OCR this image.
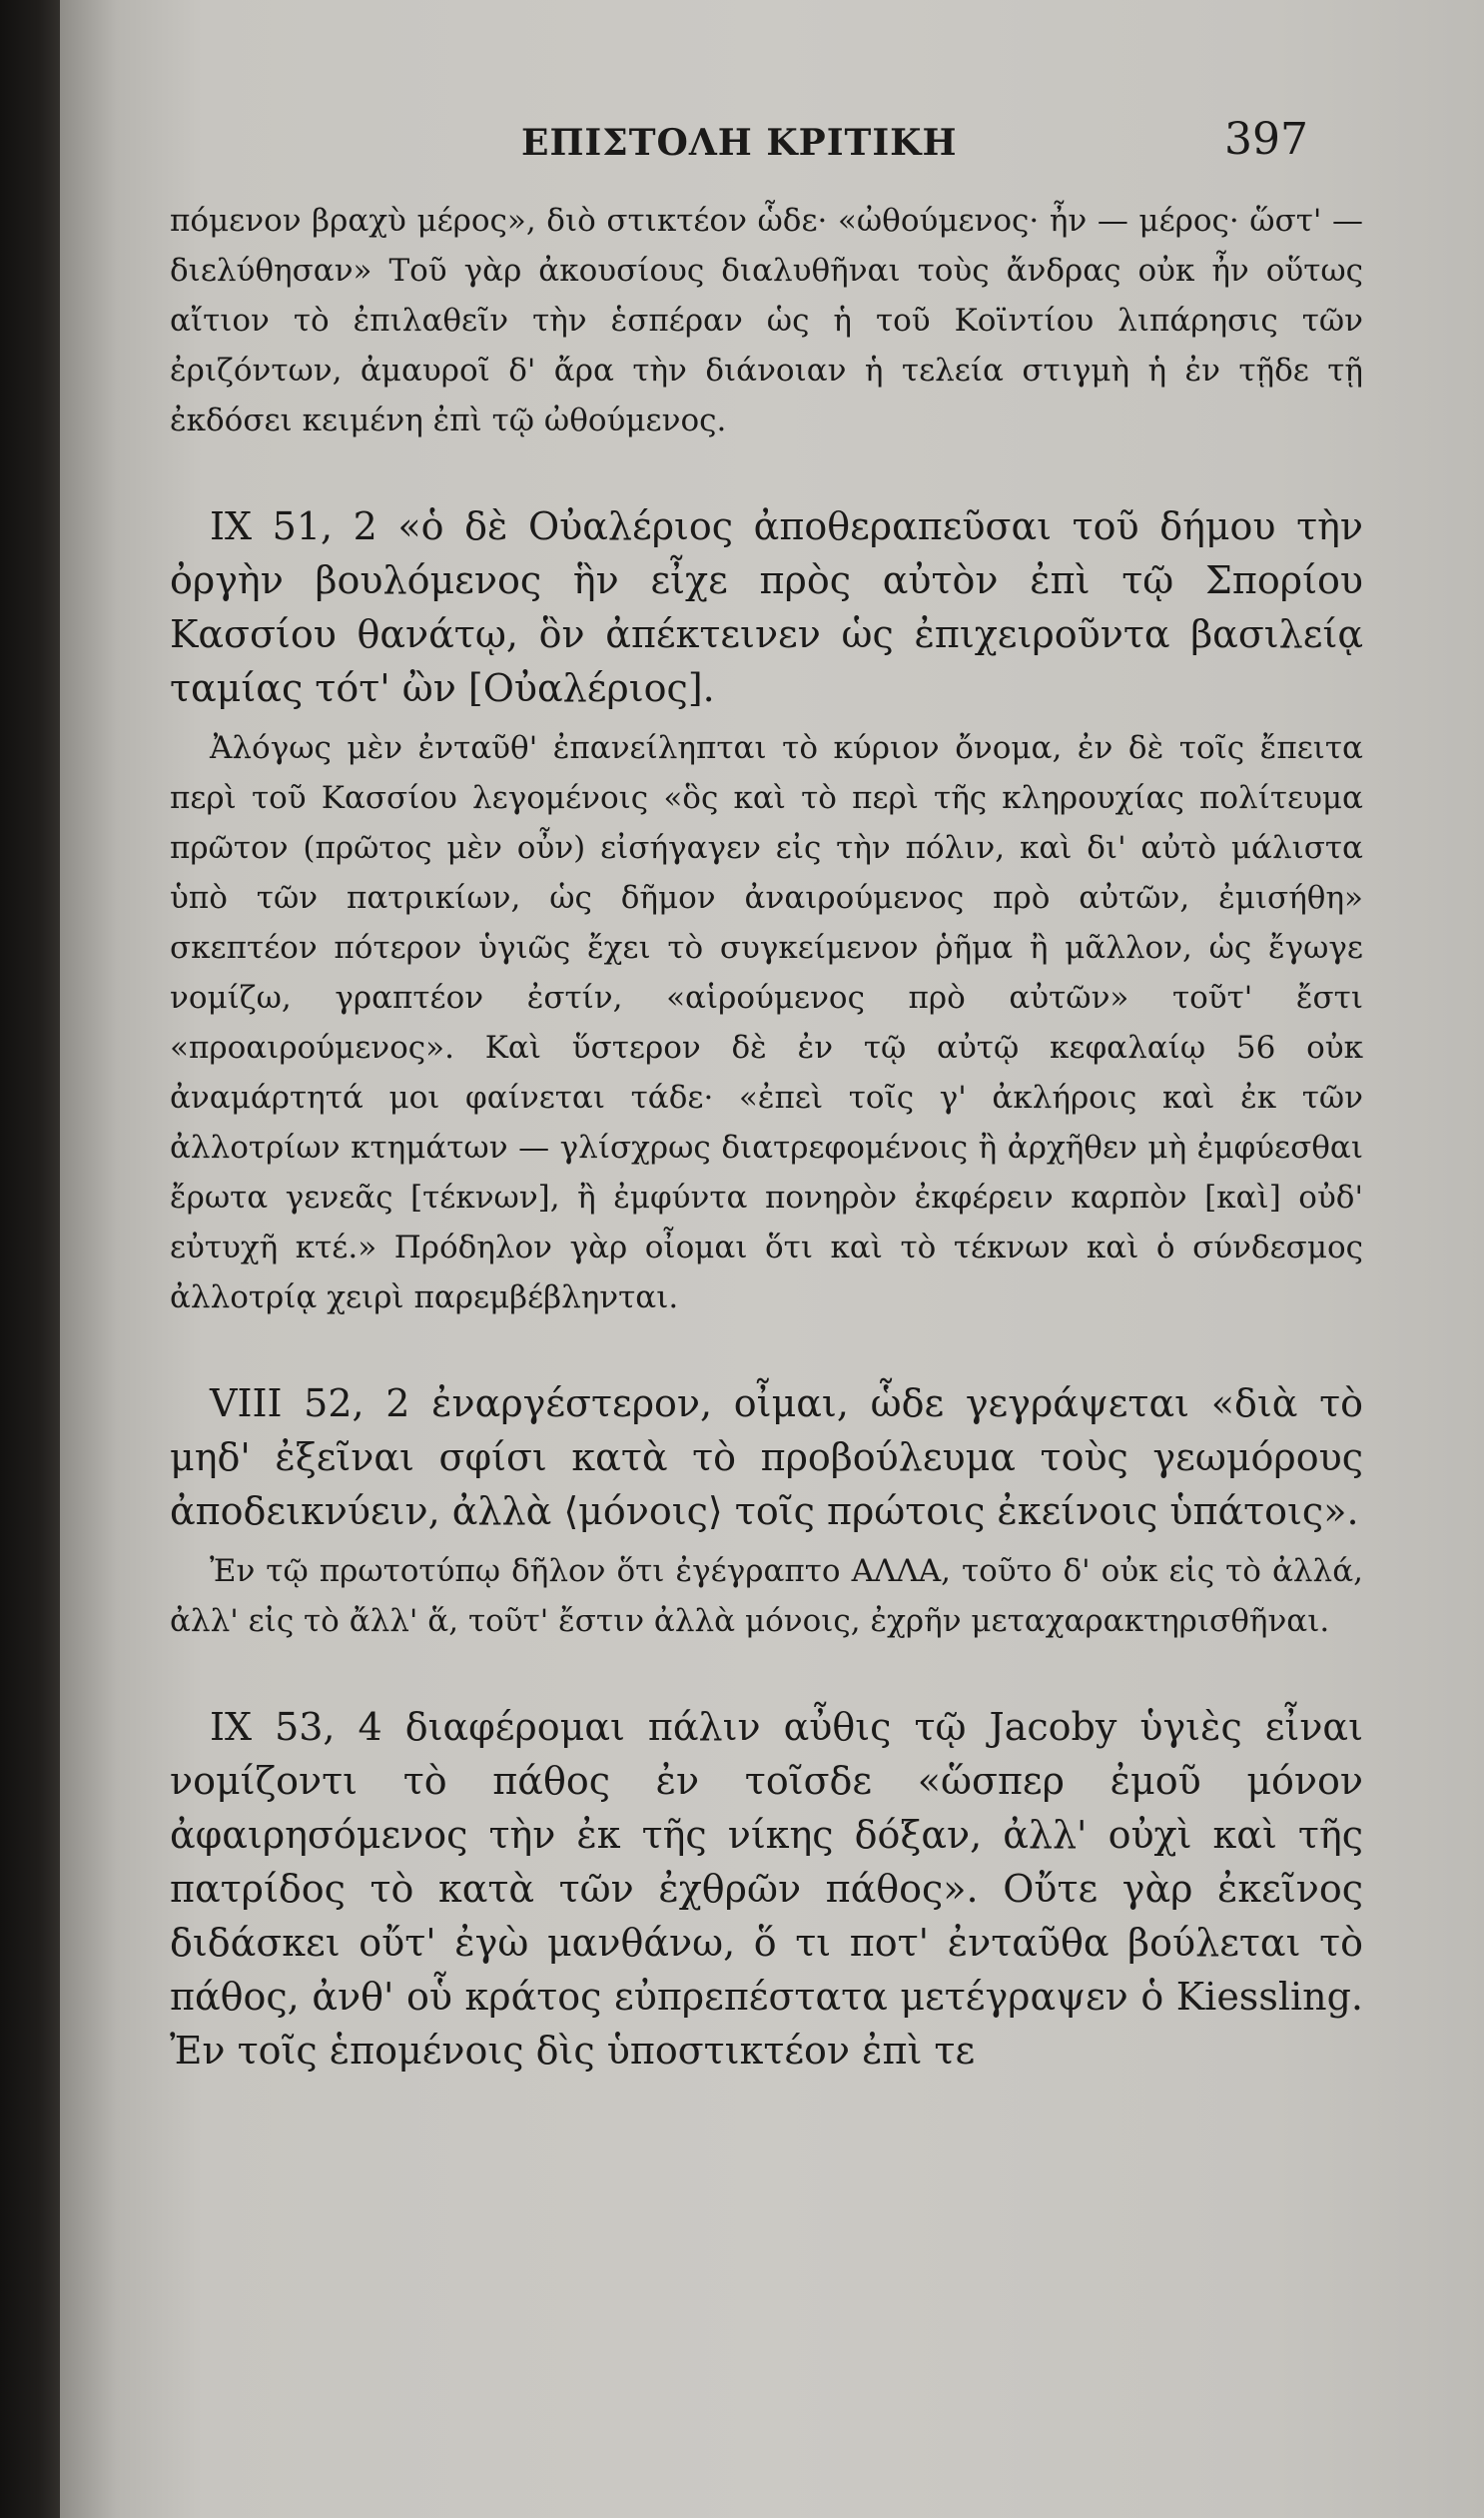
ΕΠΙΣΤΟΛΗ ΚΡΙΤΙΚΗ	397

πόμενον βραχὺ μέρος», διὸ στικτέον ὧδε· «ὠθούμενος· ἦν — μέρος· ὥστ' — διελύθησαν» Τοῦ γὰρ ἀκουσίους διαλυθῆναι τοὺς ἄνδρας οὐκ ἦν οὕτως αἴτιον τὸ ἐπιλαθεῖν τὴν ἑσπέραν ὡς ἡ τοῦ Κοϊντίου λιπάρησις τῶν ἐριζόντων, ἀμαυροῖ δ' ἄρα τὴν διάνοιαν ἡ τελεία στιγμὴ ἡ ἐν τῇδε τῇ ἐκδόσει κειμένη ἐπὶ τῷ ὠθούμενος.

IX 51, 2 «ὁ δὲ Οὐαλέριος ἀποθεραπεῦσαι τοῦ δήμου τὴν ὀργὴν βουλόμενος ἣν εἶχε πρὸς αὐτὸν ἐπὶ τῷ Σπορίου Κασσίου θανάτῳ, ὃν ἀπέκτεινεν ὡς ἐπιχειροῦντα βασιλείᾳ ταμίας τότ' ὢν [Οὐαλέριος].

Ἀλόγως μὲν ἐνταῦθ' ἐπανείληπται τὸ κύριον ὄνομα, ἐν δὲ τοῖς ἔπειτα περὶ τοῦ Κασσίου λεγομένοις «ὃς καὶ τὸ περὶ τῆς κληρουχίας πολίτευμα πρῶτον (πρῶτος μὲν οὖν) εἰσήγαγεν εἰς τὴν πόλιν, καὶ δι' αὐτὸ μάλιστα ὑπὸ τῶν πατρικίων, ὡς δῆμον ἀναιρούμενος πρὸ αὐτῶν, ἐμισήθη» σκεπτέον πότερον ὑγιῶς ἔχει τὸ συγκείμενον ῥῆμα ἢ μᾶλλον, ὡς ἔγωγε νομίζω, γραπτέον ἐστίν, «αἱρούμενος πρὸ αὐτῶν» τοῦτ' ἔστι «προαιρούμενος». Καὶ ὕστερον δὲ ἐν τῷ αὐτῷ κεφαλαίῳ 56 οὐκ ἀναμάρτητά μοι φαίνεται τάδε· «ἐπεὶ τοῖς γ' ἀκλήροις καὶ ἐκ τῶν ἀλλοτρίων κτημάτων — γλίσχρως διατρεφομένοις ἢ ἀρχῆθεν μὴ ἐμφύεσθαι ἔρωτα γενεᾶς [τέκνων], ἢ ἐμφύντα πονηρὸν ἐκφέρειν καρπὸν [καὶ] οὐδ' εὐτυχῆ κτέ.» Πρόδηλον γὰρ οἶομαι ὅτι καὶ τὸ τέκνων καὶ ὁ σύνδεσμος ἀλλοτρίᾳ χειρὶ παρεμβέβληνται.

VIII 52, 2 ἐναργέστερον, οἶμαι, ὧδε γεγράψεται «διὰ τὸ μηδ' ἐξεῖναι σφίσι κατὰ τὸ προβούλευμα τοὺς γεωμόρους ἀποδεικνύειν, ἀλλὰ ⟨μόνοις⟩ τοῖς πρώτοις ἐκείνοις ὑπάτοις».

Ἐν τῷ πρωτοτύπῳ δῆλον ὅτι ἐγέγραπτο ΑΛΛΑ, τοῦτο δ' οὐκ εἰς τὸ ἀλλά, ἀλλ' εἰς τὸ ἄλλ' ἅ, τοῦτ' ἔστιν ἀλλὰ μόνοις, ἐχρῆν μεταχαρακτηρισθῆναι.

IX 53, 4 διαφέρομαι πάλιν αὖθις τῷ Jacoby ὑγιὲς εἶναι νομίζοντι τὸ πάθος ἐν τοῖσδε «ὥσπερ ἐμοῦ μόνον ἀφαιρησόμενος τὴν ἐκ τῆς νίκης δόξαν, ἀλλ' οὐχὶ καὶ τῆς πατρίδος τὸ κατὰ τῶν ἐχθρῶν πάθος». Οὔτε γὰρ ἐκεῖνος διδάσκει οὔτ' ἐγὼ μανθάνω, ὅ τι ποτ' ἐνταῦθα βούλεται τὸ πάθος, ἀνθ' οὗ κράτος εὐπρεπέστατα μετέγραψεν ὁ Kiessling. Ἐν τοῖς ἑπομένοις δὶς ὑποστικτέον ἐπὶ τε
